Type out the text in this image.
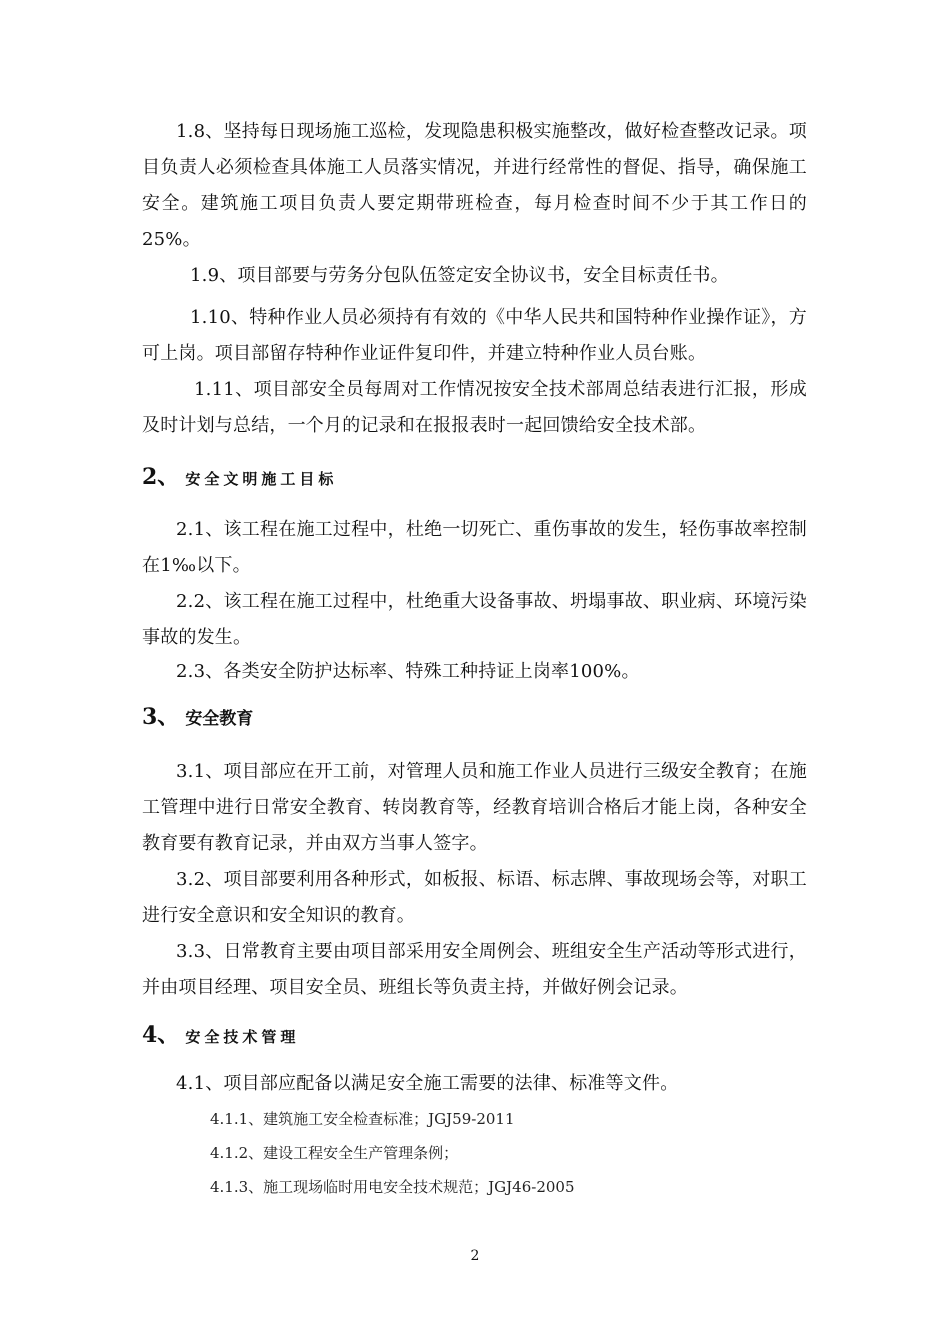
1.8、坚持每日现场施工巡检，发现隐患积极实施整改，做好检查整改记录。项目负责人必须检查具体施工人员落实情况，并进行经常性的督促、指导，确保施工安全。建筑施工项目负责人要定期带班检查，每月检查时间不少于其工作日的25%。

1.9、项目部要与劳务分包队伍签定安全协议书，安全目标责任书。

1.10、特种作业人员必须持有有效的《中华人民共和国特种作业操作证》，方可上岗。项目部留存特种作业证件复印件，并建立特种作业人员台账。

1.11、项目部安全员每周对工作情况按安全技术部周总结表进行汇报，形成及时计划与总结，一个月的记录和在报报表时一起回馈给安全技术部。

2、 安全文明施工目标

2.1、该工程在施工过程中，杜绝一切死亡、重伤事故的发生，轻伤事故率控制在1‰以下。

2.2、该工程在施工过程中，杜绝重大设备事故、坍塌事故、职业病、环境污染事故的发生。

2.3、各类安全防护达标率、特殊工种持证上岗率100%。

3、 安全教育

3.1、项目部应在开工前，对管理人员和施工作业人员进行三级安全教育；在施工管理中进行日常安全教育、转岗教育等，经教育培训合格后才能上岗，各种安全教育要有教育记录，并由双方当事人签字。

3.2、项目部要利用各种形式，如板报、标语、标志牌、事故现场会等，对职工进行安全意识和安全知识的教育。

3.3、日常教育主要由项目部采用安全周例会、班组安全生产活动等形式进行，并由项目经理、项目安全员、班组长等负责主持，并做好例会记录。

4、 安全技术管理

4.1、项目部应配备以满足安全施工需要的法律、标准等文件。

4.1.1、建筑施工安全检查标准；JGJ59-2011

4.1.2、建设工程安全生产管理条例；

4.1.3、施工现场临时用电安全技术规范；JGJ46-2005

2
